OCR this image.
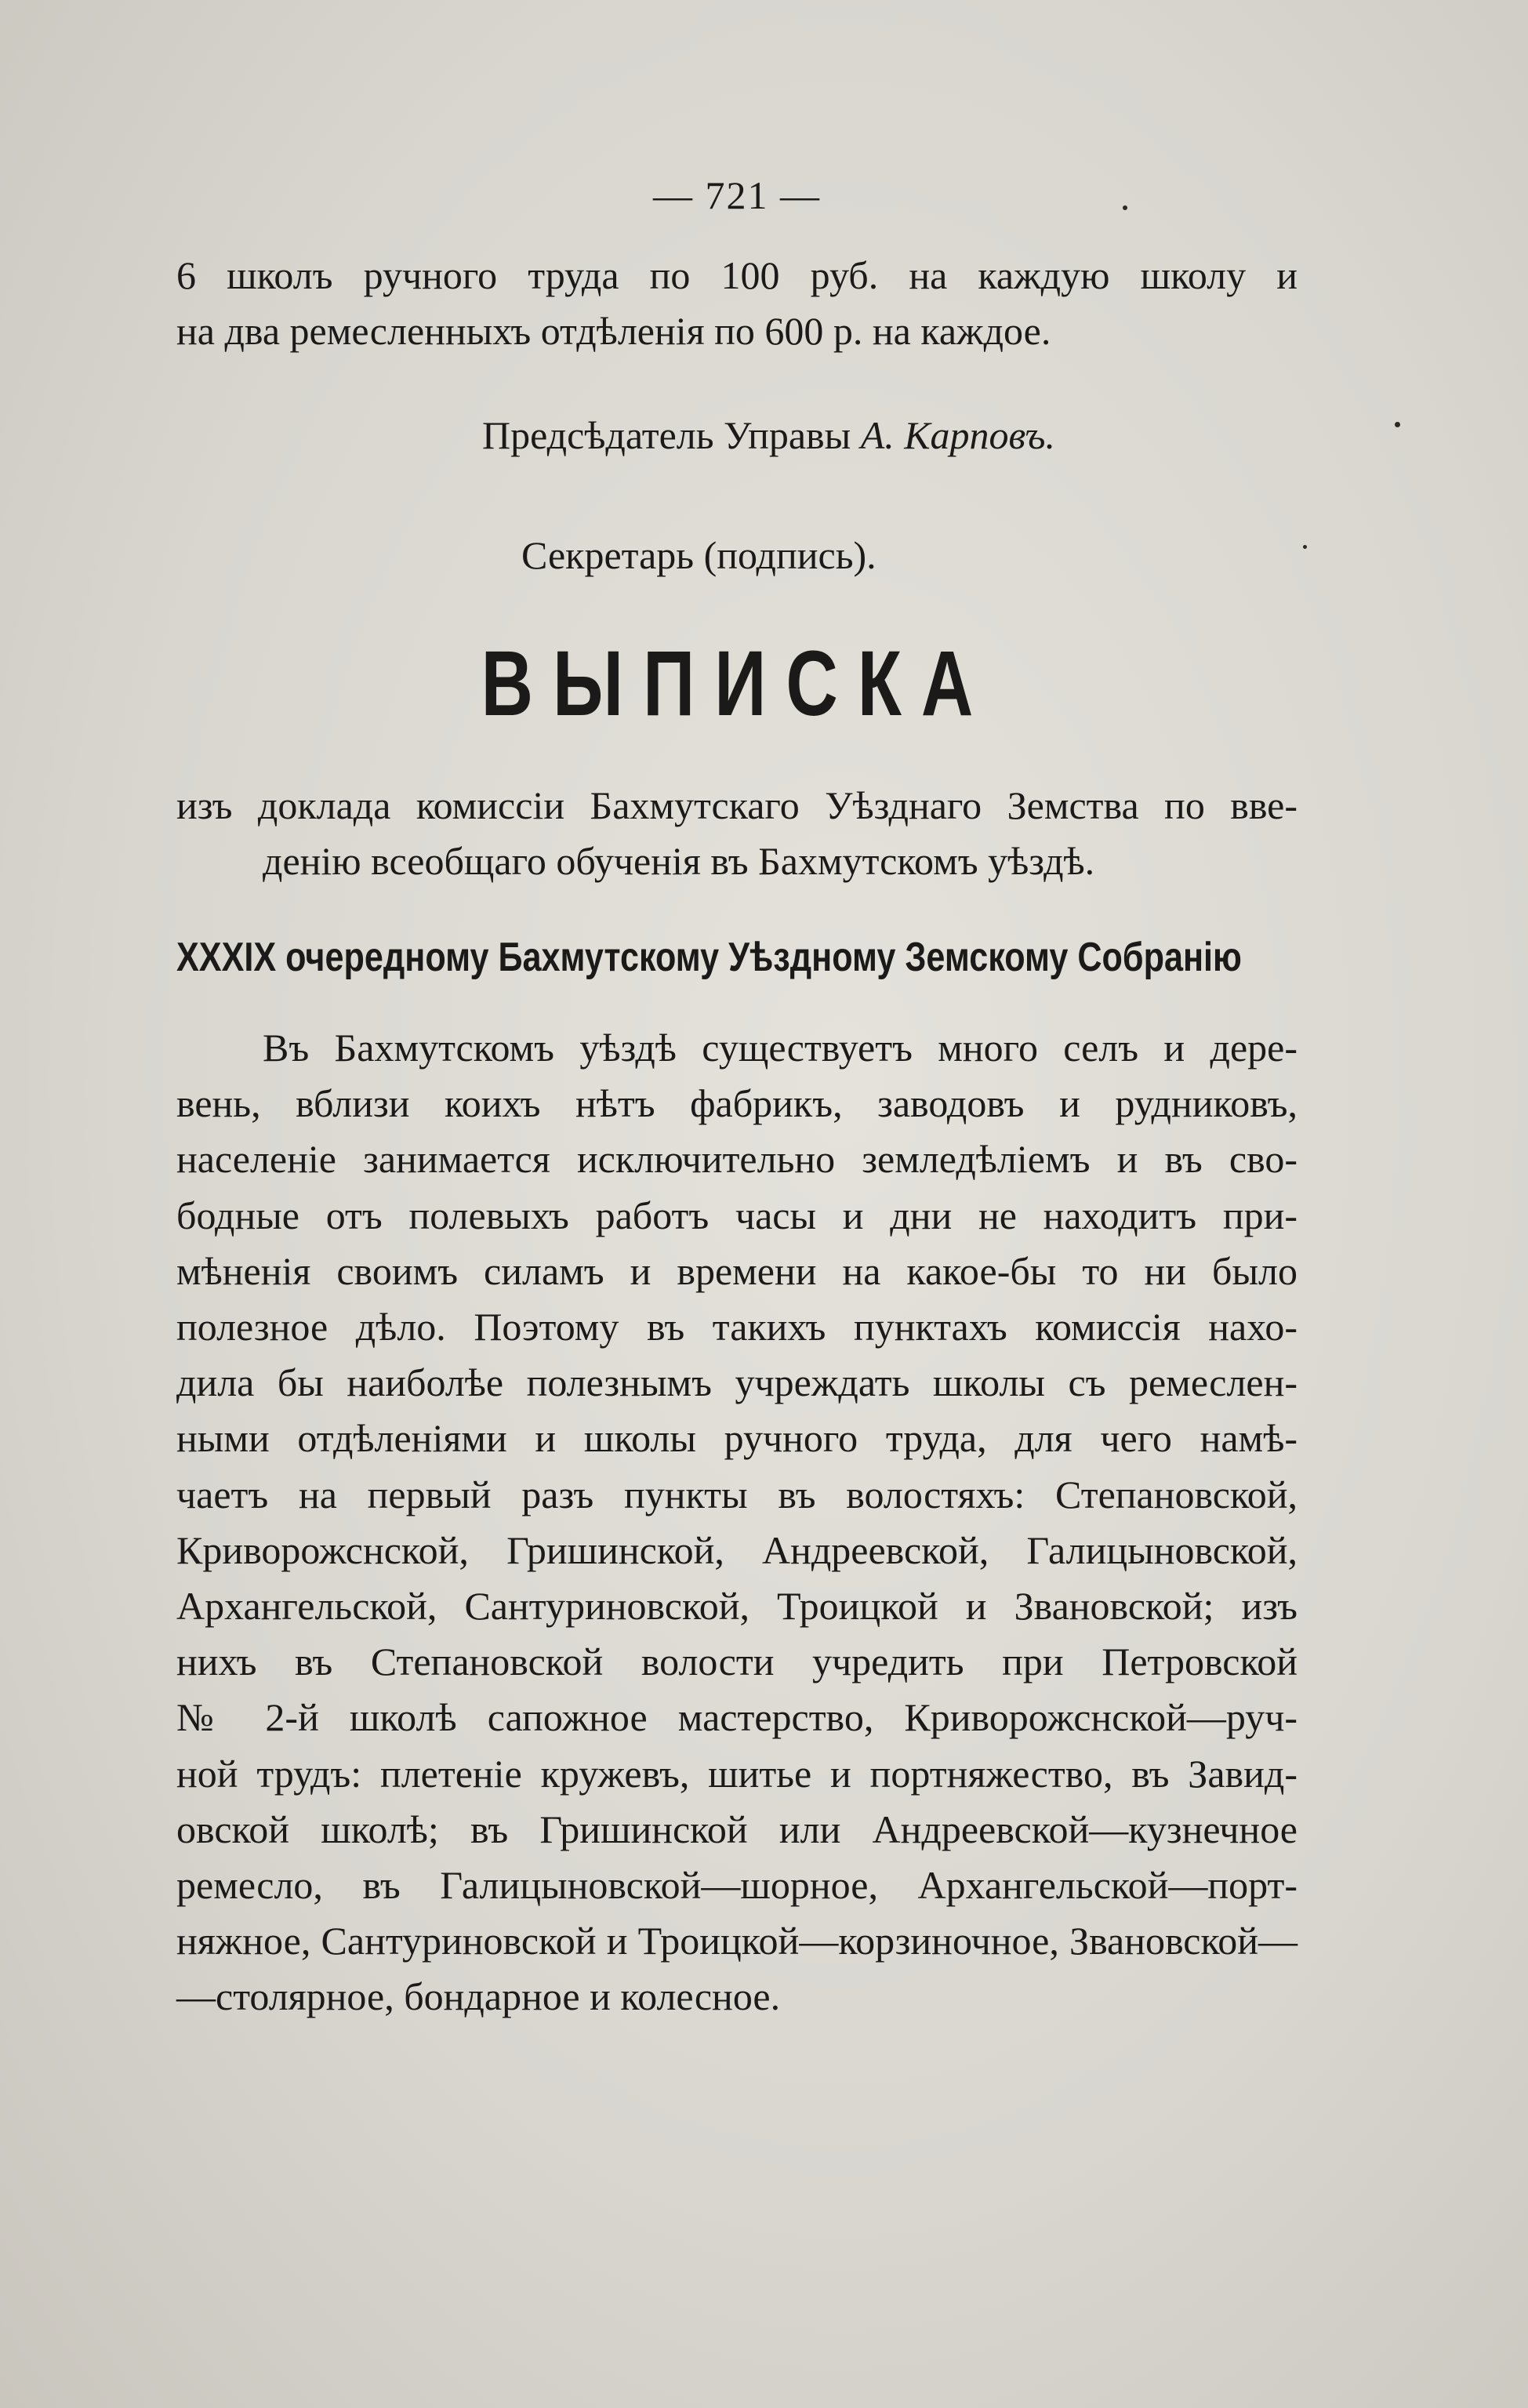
— 721 —
6 школъ ручного труда по 100 руб. на каждую школу и
на два ремесленныхъ отдѣленія по 600 р. на каждое.
Предсѣдатель Управы А. Карповъ.
Секретарь (подпись).
ВЫПИСКА
изъ доклада комиссіи Бахмутскаго Уѣзднаго Земства по вве-
денію всеобщаго обученія въ Бахмутскомъ уѣздѣ.
XXXIX очередному Бахмутскому Уѣздному Земскому Собранію
Въ Бахмутскомъ уѣздѣ существуетъ много селъ и дере-
вень, вблизи коихъ нѣтъ фабрикъ, заводовъ и рудниковъ,
населеніе занимается исключительно земледѣліемъ и въ сво-
бодные отъ полевыхъ работъ часы и дни не находитъ при-
мѣненія своимъ силамъ и времени на какое-бы то ни было
полезное дѣло. Поэтому въ такихъ пунктахъ комиссія нахо-
дила бы наиболѣе полезнымъ учреждать школы съ ремеслен-
ными отдѣленіями и школы ручного труда, для чего намѣ-
чаетъ на первый разъ пункты въ волостяхъ: Степановской,
Криворожснской, Гришинской, Андреевской, Галицыновской,
Архангельской, Сантуриновской, Троицкой и Звановской; изъ
нихъ въ Степановской волости учредить при Петровской
№ 2-й школѣ сапожное мастерство, Криворожснской—руч-
ной трудъ: плетеніе кружевъ, шитье и портняжество, въ Завид-
овской школѣ; въ Гришинской или Андреевской—кузнечное
ремесло, въ Галицыновской—шорное, Архангельской—порт-
няжное, Сантуриновской и Троицкой—корзиночное, Звановской—
—столярное, бондарное и колесное.
